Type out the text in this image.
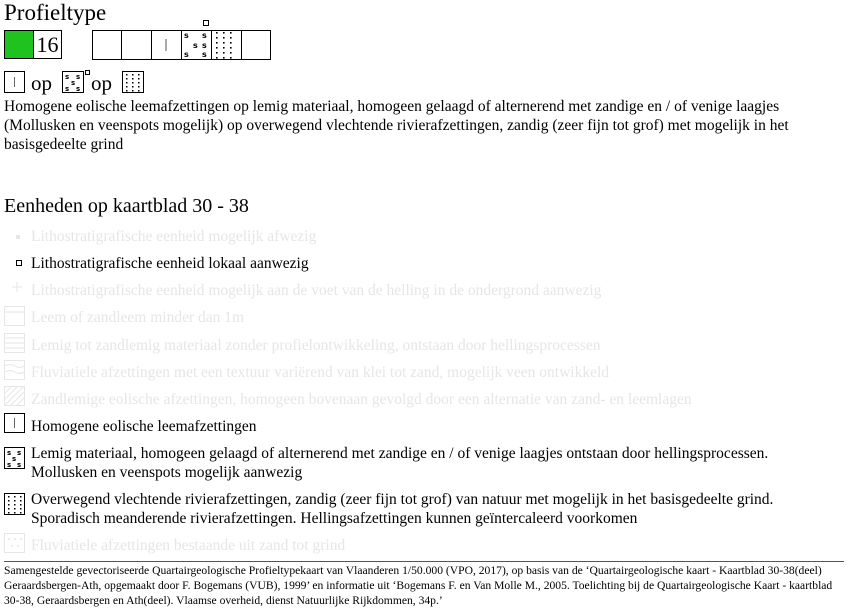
Profieltype
16	s s
s s
s s
op s s
s
s s op
Homogene eolische leemafzettingen op lemig materiaal, homogeen gelaagd of alternerend met zandige en / of venige laagjes (Mollusken en veenspots mogelijk) op overwegend vlechtende rivierafzettingen, zandig (zeer fijn tot grof) met mogelijk in het basisgedeelte grind
Eenheden op kaartblad 30 - 38
s s
s
s s
Lithostratigrafische eenheid mogelijk afwezig
Lithostratigrafische eenheid lokaal aanwezig
Lithostratigrafische eenheid mogelijk aan de voet van de helling in de ondergrond aanwezig
Leem of zandleem minder dan 1m
Lemig tot zandlemig materiaal zonder profielontwikkeling, ontstaan door hellingsprocessen
Fluviatiele afzettingen met een textuur variërend van klei tot zand, mogelijk veen ontwikkeld
Zandlemige eolische afzettingen, homogeen bovenaan gevolgd door een alternatie van zand- en leemlagen
Homogene eolische leemafzettingen
Lemig materiaal, homogeen gelaagd of alternerend met zandige en / of venige laagjes ontstaan door hellingsprocessen.
Mollusken en veenspots mogelijk aanwezig
Overwegend vlechtende rivierafzettingen, zandig (zeer fijn tot grof) van natuur met mogelijk in het basisgedeelte grind.
Sporadisch meanderende rivierafzettingen. Hellingsafzettingen kunnen geïntercaleerd voorkomen
Fluviatiele afzettingen bestaande uit zand tot grind
Samengestelde gevectoriseerde Quartairgeologische Profieltypekaart van Vlaanderen 1/50.000 (VPO, 2017), op basis van de ‘Quartairgeologische kaart - Kaartblad 30-38(deel) Geraardsbergen-Ath, opgemaakt door F. Bogemans (VUB), 1999’ en informatie uit ‘Bogemans F. en Van Molle M., 2005. Toelichting bij de Quartairgeologische Kaart - kaartblad 30-38, Geraardsbergen en Ath(deel). Vlaamse overheid, dienst Natuurlijke Rijkdommen, 34p.’
